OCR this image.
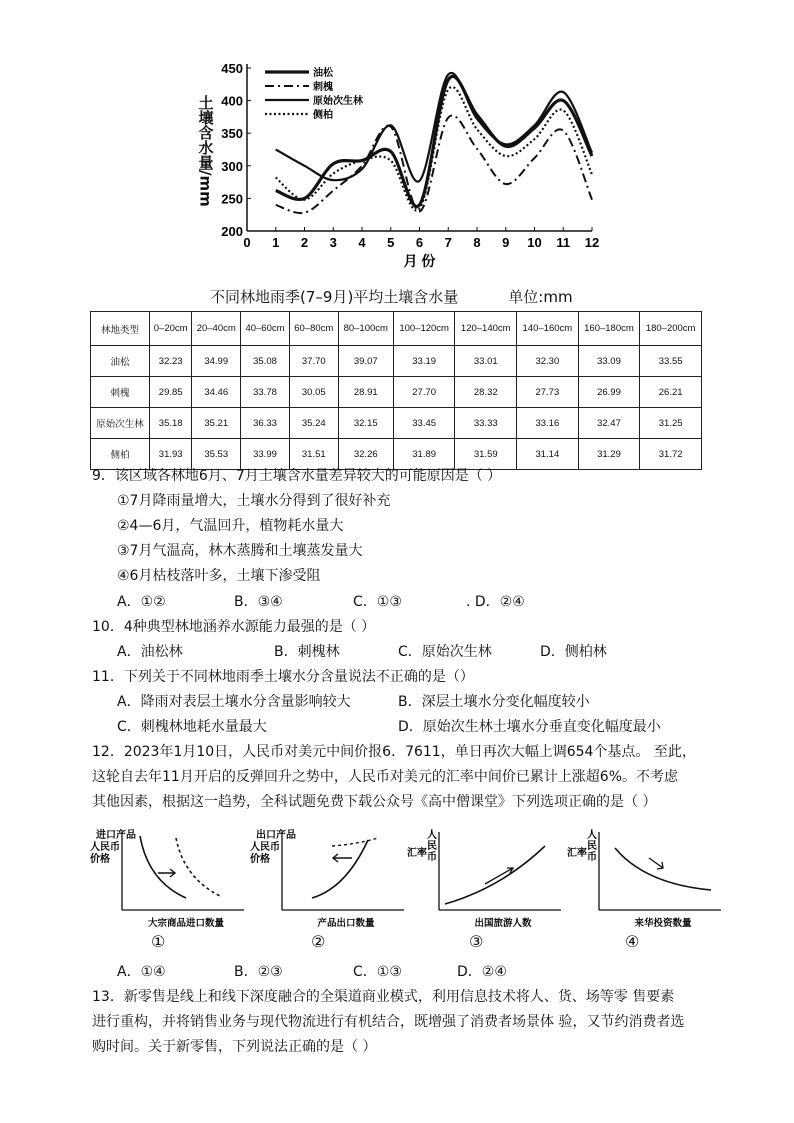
0 1 2 3 4 5 6 7 8 9 10 11 12
200
250
300
350
400
450
月 份
油松
刺槐
原始次生林
侧柏
土壤含水量/mm
不同林地雨季(7–9月)平均土壤含水量	单位:mm
林地类型	0–20cm	20–40cm	40–60cm	60–80cm	80–100cm	100–120cm	120–140cm	140–160cm	160–180cm	180–200cm
油松	32.23	34.99	35.08	37.70	39.07	33.19	33.01	32.30	33.09	33.55
刺槐	29.85	34.46	33.78	30.05	28.91	27.70	28.32	27.73	26.99	26.21
原始次生林	35.18	35.21	36.33	35.24	32.15	33.45	33.33	33.16	32.47	31.25
侧柏	31.93	35.53	33.99	31.51	32.26	31.89	31.59	31.14	31.29	31.72
9．该区域各林地6月、7月土壤含水量差异较大的可能原因是（ ）
①7月降雨量增大，土壤水分得到了很好补充
②4—6月，气温回升，植物耗水量大
③7月气温高，林木蒸腾和土壤蒸发量大
④6月枯枝落叶多，土壤下渗受阻
A．①②	B．③④	C．①③	. D．②④
10．4种典型林地涵养水源能力最强的是（ ）
A．油松林	B．刺槐林	C．原始次生林	D．侧柏林
11．下列关于不同林地雨季土壤水分含量说法不正确的是（）
A．降雨对表层土壤水分含量影响较大	B．深层土壤水分变化幅度较小
C．刺槐林地耗水量最大	D．原始次生林土壤水分垂直变化幅度最小
12．2023年1月10日，人民币对美元中间价报6．7611，单日再次大幅上调654个基点。 至此，
这轮自去年11月开启的反弹回升之势中，人民币对美元的汇率中间价已累计上涨超6%。不考虑
其他因素，根据这一趋势，全科试题免费下载公众号《高中僧课堂》下列选项正确的是（ ）
进口产品
人民币
价格
大宗商品进口数量
出口产品
人民币
价格
产品出口数量
汇率
人
民
币
出国旅游人数
汇率
人
民
币
来华投资数量
①	②	③	④
A．①④	B．②③	C．①③	D．②④
13．新零售是线上和线下深度融合的全渠道商业模式，利用信息技术将人、货、场等零 售要素
进行重构，并将销售业务与现代物流进行有机结合，既增强了消费者场景体 验，又节约消费者选
购时间。关于新零售，下列说法正确的是（ ）
